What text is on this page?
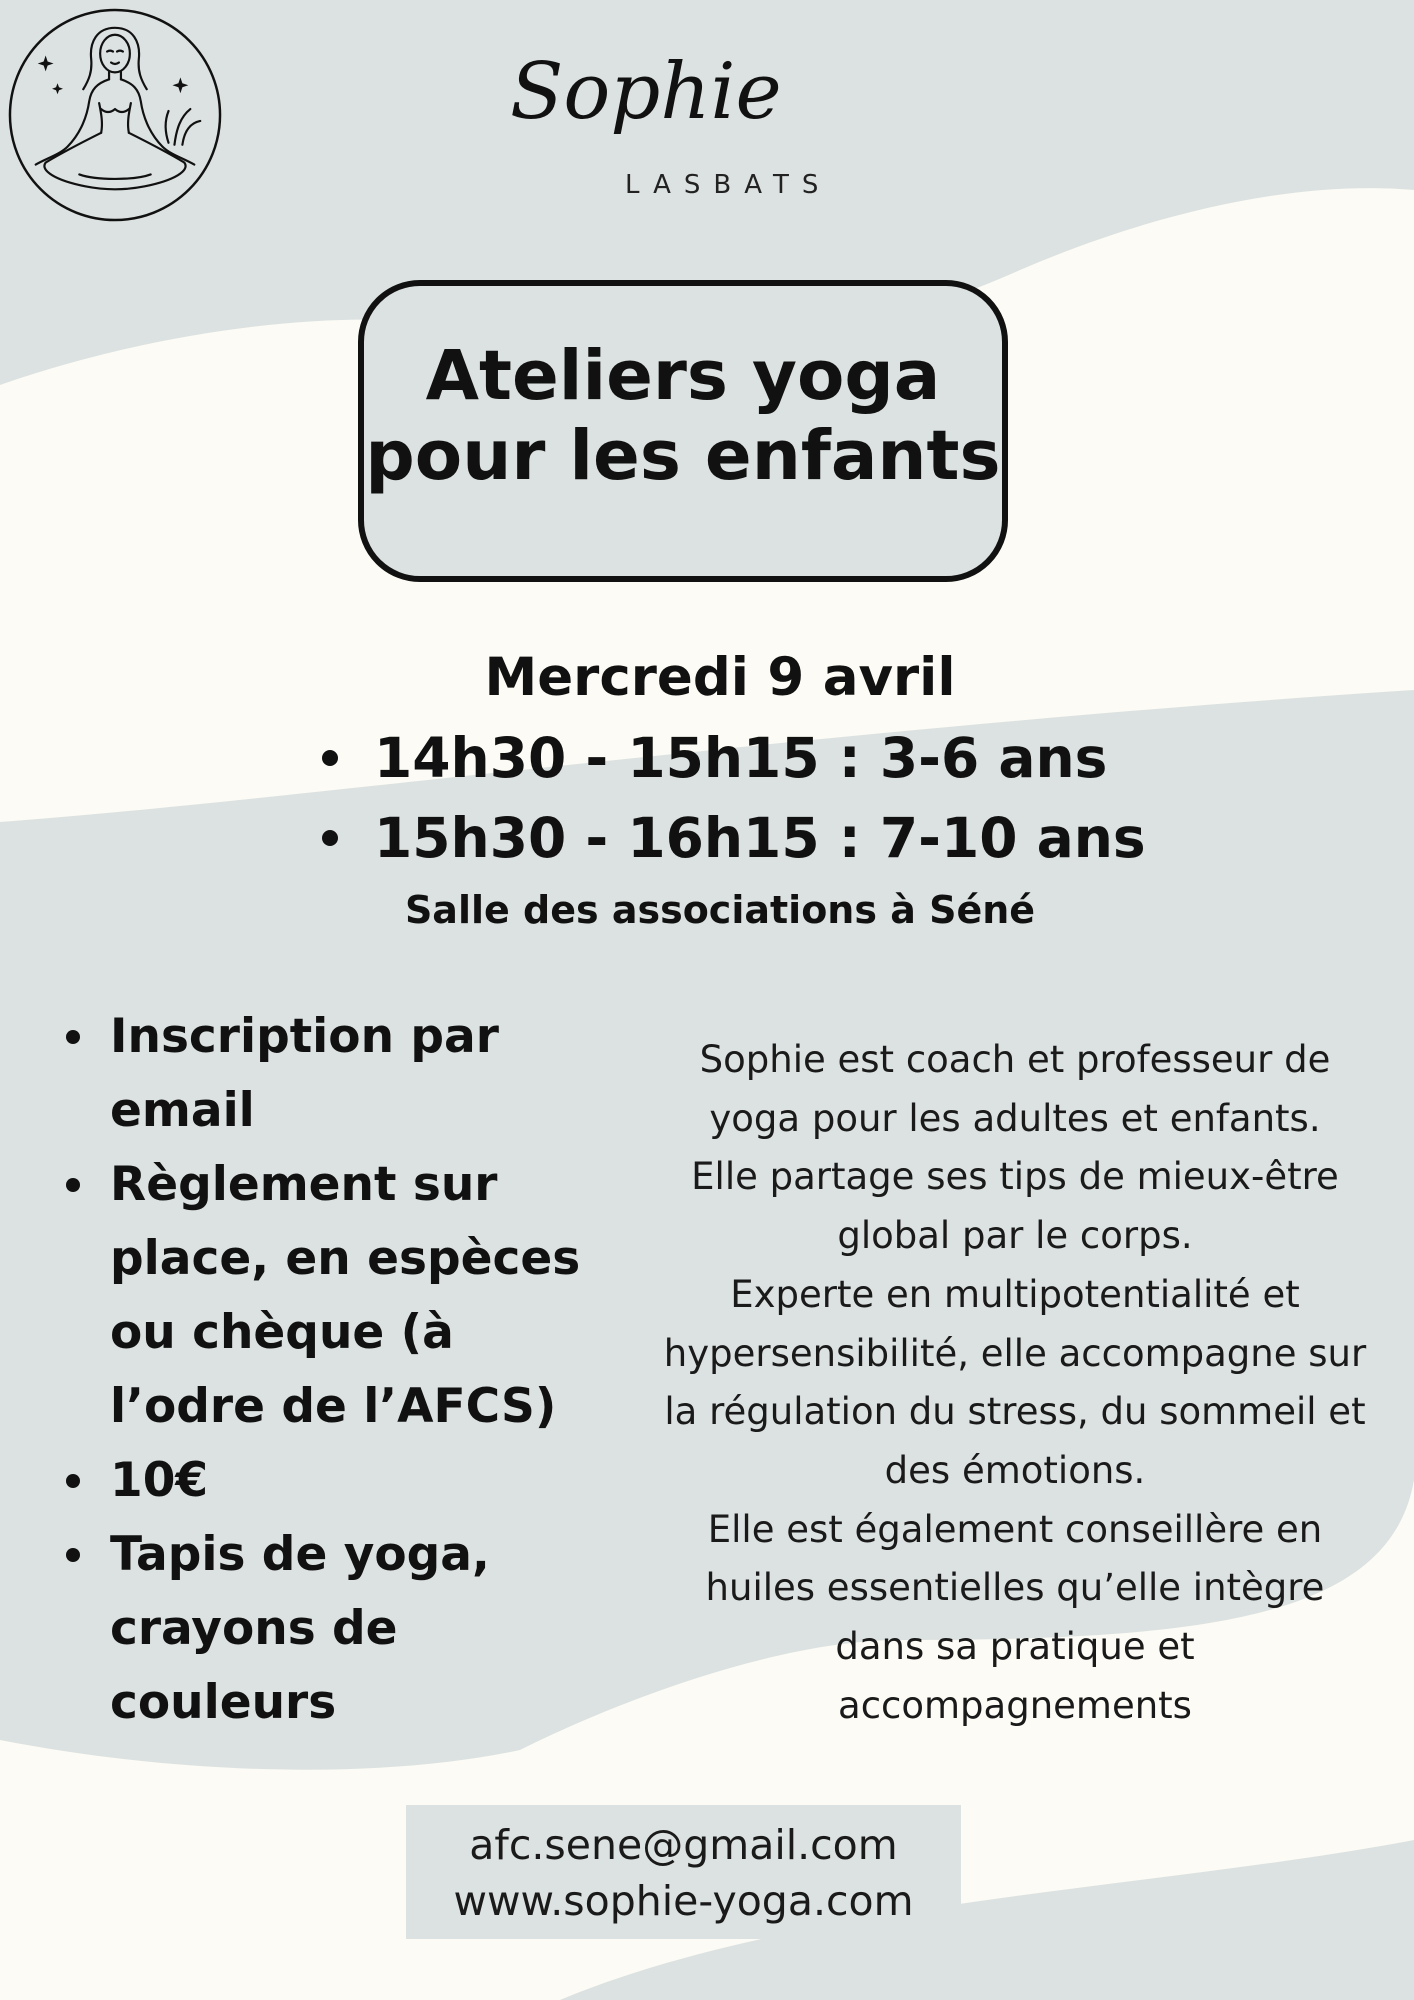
Sophie
LASBATS
Ateliers yoga
pour les enfants
Mercredi 9 avril
14h30 - 15h15 : 3-6 ans
15h30 - 16h15 : 7-10 ans
Salle des associations à Séné
Inscription par email
Règlement sur place, en espèces ou chèque (à l’odre de l’AFCS)
10€
Tapis de yoga, crayons de couleurs
Sophie est coach et professeur de yoga pour les adultes et enfants.
Elle partage ses tips de mieux-être global par le corps.
Experte en multipotentialité et hypersensibilité, elle accompagne sur la régulation du stress, du sommeil et des émotions.
Elle est également conseillère en huiles essentielles qu’elle intègre dans sa pratique et accompagnements
afc.sene@gmail.com
www.sophie-yoga.com
